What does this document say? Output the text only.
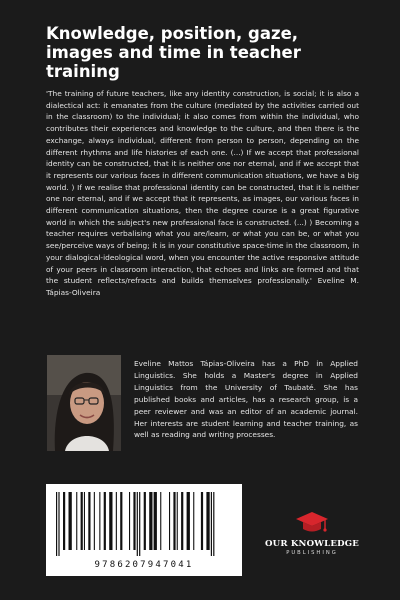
Knowledge, position, gaze, images and time in teacher training

'The training of future teachers, like any identity construction, is social; it is also a dialectical act: it emanates from the culture (mediated by the activities carried out in the classroom) to the individual; it also comes from within the individual, who contributes their experiences and knowledge to the culture, and then there is the exchange, always individual, different from person to person, depending on the different rhythms and life histories of each one. (...) If we accept that professional identity can be constructed, that it is neither one nor eternal, and if we accept that it represents our various faces in different communication situations, we have a big world. ) If we realise that professional identity can be constructed, that it is neither one nor eternal, and if we accept that it represents, as images, our various faces in different communication situations, then the degree course is a great figurative world in which the subject's new professional face is constructed. (...) ) Becoming a teacher requires verbalising what you are/learn, or what you can be, or what you see/perceive ways of being; it is in your constitutive space-time in the classroom, in your dialogical-ideological word, when you encounter the active responsive attitude of your peers in classroom interaction, that echoes and links are formed and that the student reflects/refracts and builds themselves professionally.' Eveline M. Tápias-Oliveira

Eveline Mattos Tápias-Oliveira has a PhD in Applied Linguistics. She holds a Master's degree in Applied Linguistics from the University of Taubaté. She has published books and articles, has a research group, is a peer reviewer and was an editor of an academic journal. Her interests are student learning and teacher training, as well as reading and writing processes.

9786207947041
OUR KNOWLEDGE
PUBLISHING
